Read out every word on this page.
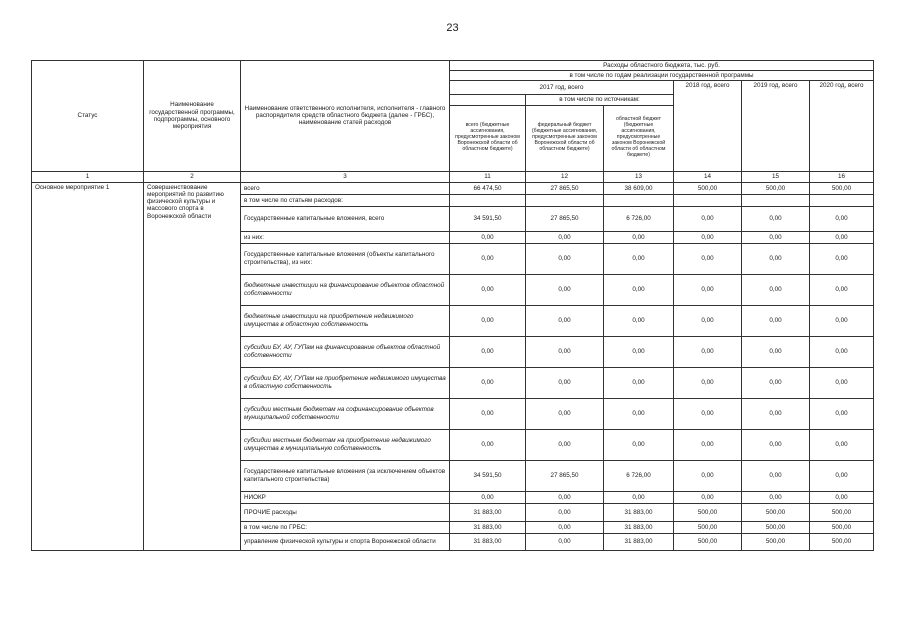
23
Статус	Наименование государственной программы, подпрограммы, основного мероприятия	Наименование ответственного исполнителя, исполнителя - главного распорядителя средств областного бюджета (далее - ГРБС), наименование статей расходов	Расходы областного бюджета, тыс. руб.					
			в том числе по годам реализации государственной программы					
			2017 год, всего			2018 год, всего	2019 год, всего	2020 год, всего
				в том числе по источникам:				
			всего (бюджетные ассигнования, предусмотренные законом Воронежской области об областном бюджете)	федеральный бюджет (бюджетные ассигнования, предусмотренные законом Воронежской области об областном бюджете)	областной бюджет (бюджетные ассигнования, предусмотренные законом Воронежской области об областном бюджете)			
1	2	3	11	12	13	14	15	16
Основное мероприятие 1	Совершенствование мероприятий по развитию физической культуры и массового спорта в Воронежской области	всего	66 474,50	27 865,50	38 609,00	500,00	500,00	500,00
		в том числе по статьям расходов:						
		Государственные капитальные вложения, всего	34 591,50	27 865,50	6 726,00	0,00	0,00	0,00
		из них:	0,00	0,00	0,00	0,00	0,00	0,00
		Государственные капитальные вложения (объекты капитального строительства), из них:	0,00	0,00	0,00	0,00	0,00	0,00
		бюджетные инвестиции на финансирование объектов областной собственности	0,00	0,00	0,00	0,00	0,00	0,00
		бюджетные инвестиции на приобретение недвижимого имущества в областную собственность	0,00	0,00	0,00	0,00	0,00	0,00
		субсидии БУ, АУ, ГУПам на финансирование объектов областной собственности	0,00	0,00	0,00	0,00	0,00	0,00
		субсидии БУ, АУ, ГУПам на приобретение недвижимого имущества в областную собственность	0,00	0,00	0,00	0,00	0,00	0,00
		субсидии местным бюджетам на софинансирование объектов муниципальной собственности	0,00	0,00	0,00	0,00	0,00	0,00
		субсидии местным бюджетам на приобретение недвижимого имущества в муниципальную собственность	0,00	0,00	0,00	0,00	0,00	0,00
		Государственные капитальные вложения (за исключением объектов капитального строительства)	34 591,50	27 865,50	6 726,00	0,00	0,00	0,00
		НИОКР	0,00	0,00	0,00	0,00	0,00	0,00
		ПРОЧИЕ расходы	31 883,00	0,00	31 883,00	500,00	500,00	500,00
		в том числе по ГРБС:	31 883,00	0,00	31 883,00	500,00	500,00	500,00
		управление физической культуры и спорта Воронежской области	31 883,00	0,00	31 883,00	500,00	500,00	500,00
